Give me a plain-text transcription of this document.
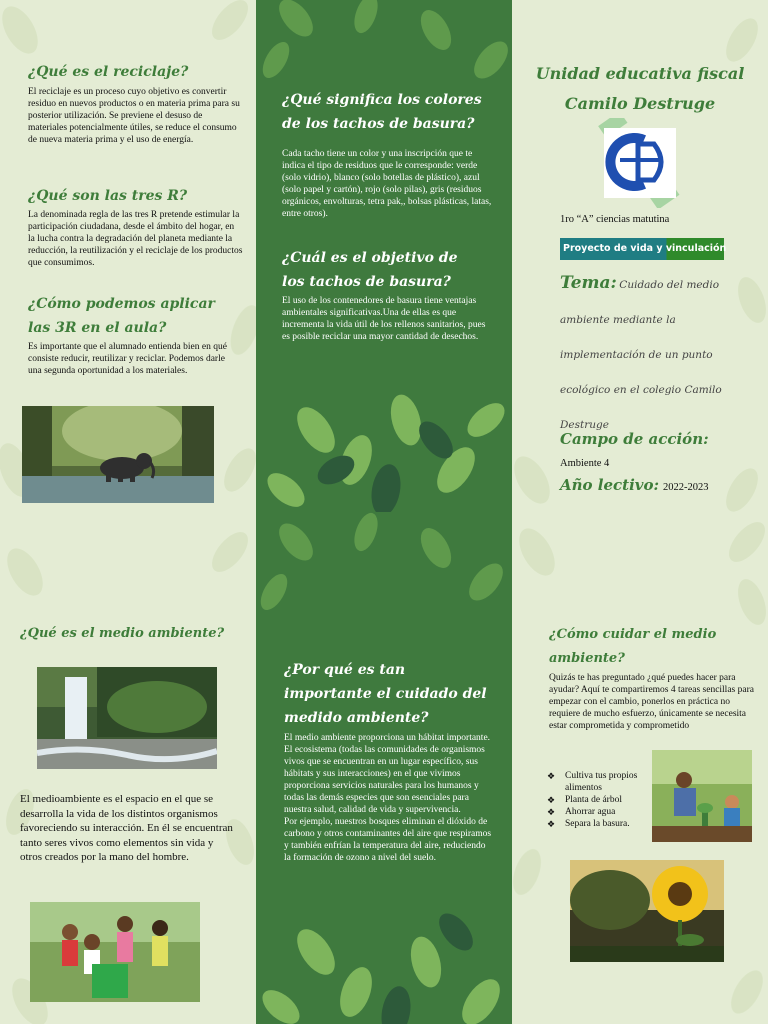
¿Qué es el reciclaje?

El reciclaje es un proceso cuyo objetivo es convertir residuo en nuevos productos o en materia prima para su posterior utilización. Se previene el desuso de materiales potencialmente útiles, se reduce el consumo de nueva materia prima y el uso de energía.

¿Qué son las tres R?

La denominada regla de las tres R pretende estimular la participación ciudadana, desde el ámbito del hogar, en la lucha contra la degradación del planeta mediante la reducción, la reutilización y el reciclaje de los productos que consumimos.

¿Cómo podemos aplicar las 3R en el aula?

Es importante que el alumnado entienda bien en qué consiste reducir, reutilizar y reciclar. Podemos darle una segunda oportunidad a los materiales.

¿Qué significa los colores de los tachos de basura?

Cada tacho tiene un color y una inscripción que te indica el tipo de residuos que le corresponde: verde (solo vidrio), blanco (solo botellas de plástico), azul (solo papel y cartón), rojo (solo pilas), gris (residuos orgánicos, envolturas, tetra pak,, bolsas plásticas, latas, entre otros).

¿Cuál es el objetivo de los tachos de basura?

El uso de los contenedores de basura tiene ventajas ambientales significativas.Una de ellas es que incrementa la vida útil de los rellenos sanitarios, pues es posible reciclar una mayor cantidad de desechos.

Unidad educativa fiscal
Camilo Destruge
1ro “A” ciencias matutina
Proyecto de vida y vinculación
Tema: Cuidado del medio ambiente mediante la implementación de un punto ecológico en el colegio Camilo Destruge
Campo de acción:
Ambiente 4
Año lectivo: 2022-2023
¿Qué es el medio ambiente?

El medioambiente es el espacio en el que se desarrolla la vida de los distintos organismos favoreciendo su interacción. En él se encuentran tanto seres vivos como elementos sin vida y otros creados por la mano del hombre.

¿Por qué es tan importante el cuidado del medido ambiente?

El medio ambiente proporciona un hábitat importante.
El ecosistema (todas las comunidades de organismos vivos que se encuentran en un lugar específico, sus hábitats y sus interacciones) en el que vivimos proporciona servicios naturales para los humanos y todas las demás especies que son esenciales para nuestra salud, calidad de vida y supervivencia.
Por ejemplo, nuestros bosques eliminan el dióxido de carbono y otros contaminantes del aire que respiramos y también enfrían la temperatura del aire, reduciendo la formación de ozono a nivel del suelo.

¿Cómo cuidar el medio ambiente?

Quizás te has preguntado ¿qué puedes hacer para ayudar? Aquí te compartiremos 4 tareas sencillas para empezar con el cambio, ponerlos en práctica no requiere de mucho esfuerzo, únicamente se necesita estar comprometida y comprometido

❖ Cultiva tus propios alimentos
❖ Planta de árbol
❖ Ahorrar agua
❖ Separa la basura.
